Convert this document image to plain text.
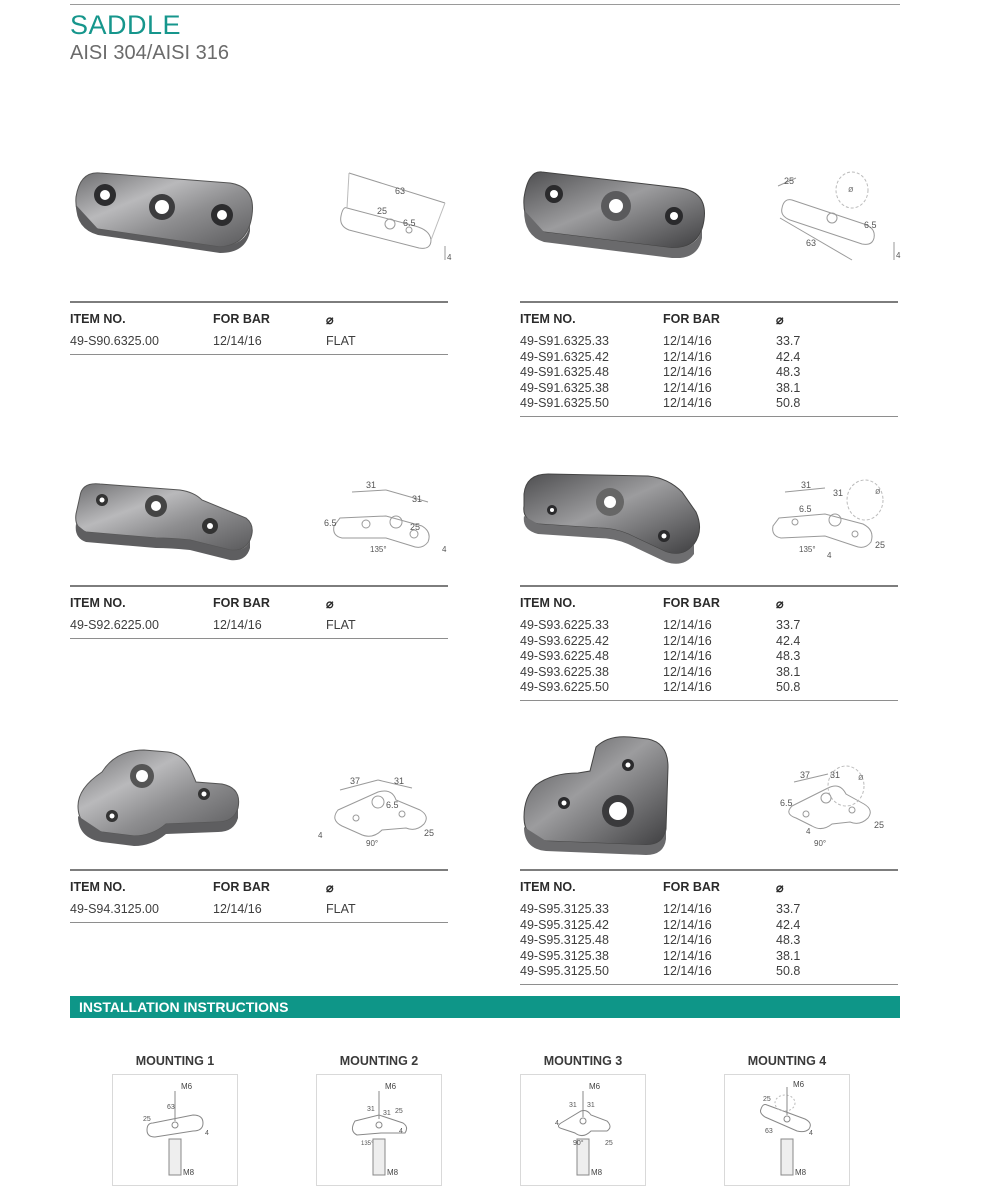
SADDLE
AISI 304/AISI 316
63
25
6.5
4
ITEM NO.	FOR BAR	⌀
49-S90.6325.00	12/14/16	FLAT
25
63
6.5
4
ø
ITEM NO.	FOR BAR	⌀
49-S91.6325.33	12/14/16	33.7
49-S91.6325.42	12/14/16	42.4
49-S91.6325.48	12/14/16	48.3
49-S91.6325.38	12/14/16	38.1
49-S91.6325.50	12/14/16	50.8
31
31
6.5	25
135°	4
ITEM NO.	FOR BAR	⌀
49-S92.6225.00	12/14/16	FLAT
31
31
6.5
135°
4
25
ø
ITEM NO.	FOR BAR	⌀
49-S93.6225.33	12/14/16	33.7
49-S93.6225.42	12/14/16	42.4
49-S93.6225.48	12/14/16	48.3
49-S93.6225.38	12/14/16	38.1
49-S93.6225.50	12/14/16	50.8
37	31
6.5
4	25
90°
ITEM NO.	FOR BAR	⌀
49-S94.3125.00	12/14/16	FLAT
37 31
6.5
4
25
90°
ø
ITEM NO.	FOR BAR	⌀
49-S95.3125.33	12/14/16	33.7
49-S95.3125.42	12/14/16	42.4
49-S95.3125.48	12/14/16	48.3
49-S95.3125.38	12/14/16	38.1
49-S95.3125.50	12/14/16	50.8
INSTALLATION INSTRUCTIONS
MOUNTING 1
M6
M8
63
25
4
MOUNTING 2
M6
M8
31
31
135°
25
4
MOUNTING 3
M6
M8
31 31
90°	25
4
MOUNTING 4
M6
M8
25
63	4
